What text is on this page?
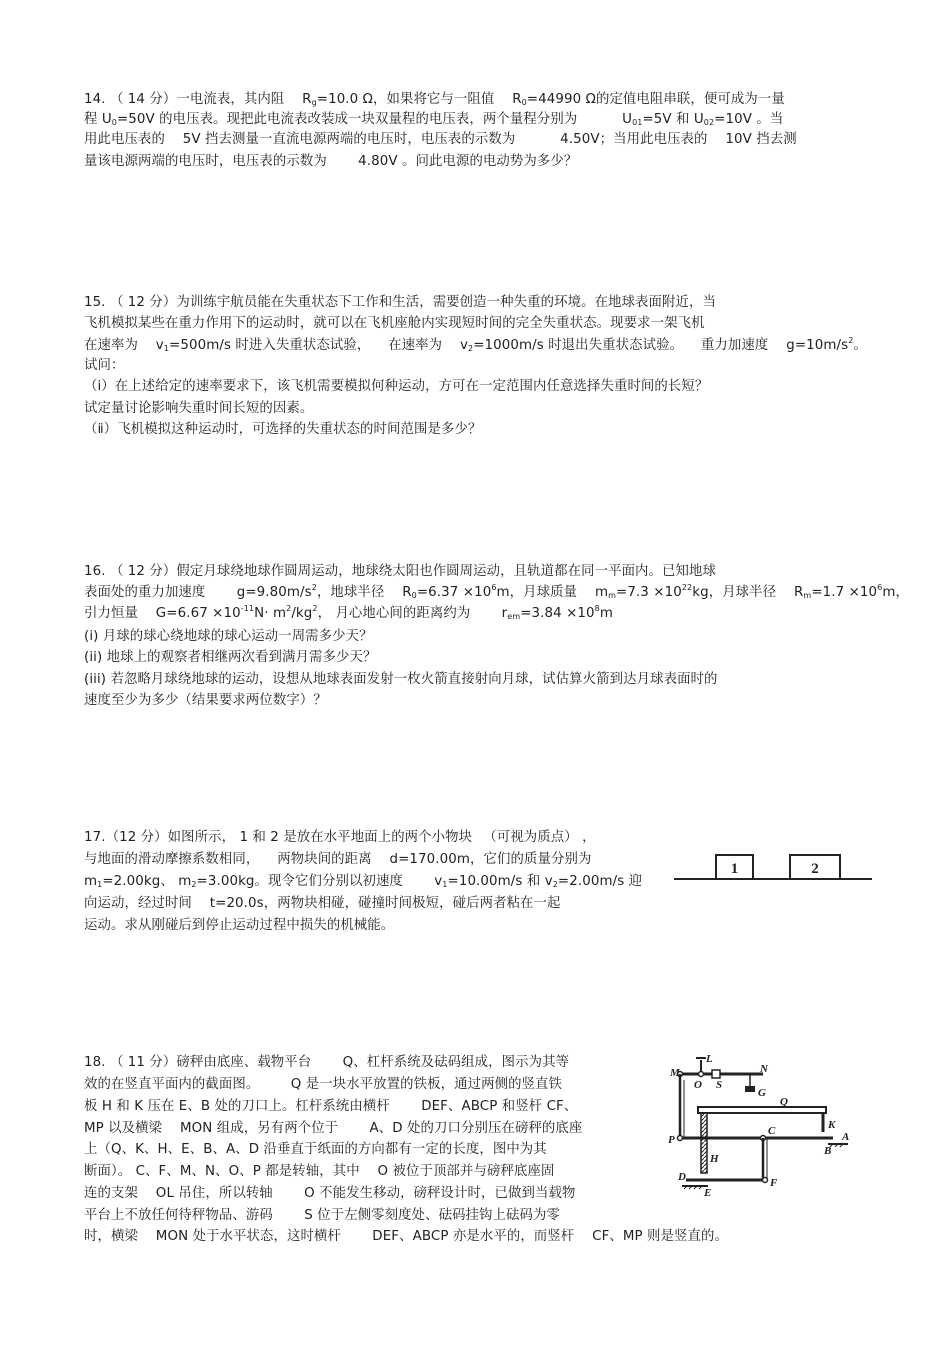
14. （ 14 分）一电流表，其内阻 　$R_g=10.0$ Ω，如果将它与一阻值 　$R_0=44990$ Ω的定值电阻串联，便可成为一量
程 $U_0=50V$ 的电压表。现把此电流表改装成一块双量程的电压表，两个量程分别为 　　　$U_{01}=5V$ 和 $U_{02}=10V$ 。当
用此电压表的 　5V 挡去测量一直流电源两端的电压时，电压表的示数为 　　　4.50V；当用此电压表的 　10V 挡去测
量该电源两端的电压时，电压表的示数为 　　4.80V 。问此电源的电动势为多少？
15. （ 12 分）为训练宇航员能在失重状态下工作和生活，需要创造一种失重的环境。在地球表面附近，当
飞机模拟某些在重力作用下的运动时，就可以在飞机座舱内实现短时间的完全失重状态。现要求一架飞机
在速率为 　$v_1=500m/s$ 时进入失重状态试验， 　在速率为 　$v_2=1000m/s$ 时退出失重状态试验。 　重力加速度 　$g=10m/s^2$。
试问：
（ⅰ）在上述给定的速率要求下，该飞机需要模拟何种运动，方可在一定范围内任意选择失重时间的长短？
试定量讨论影响失重时间长短的因素。
（ⅱ）飞机模拟这种运动时，可选择的失重状态的时间范围是多少？
16. （ 12 分）假定月球绕地球作圆周运动，地球绕太阳也作圆周运动，且轨道都在同一平面内。已知地球
表面处的重力加速度 　　$g=9.80m/s^2$，地球半径 　$R_0=6.37 \times 10^6m$，月球质量 　$m_m=7.3 \times 10^{22}kg$，月球半径 　$R_m=1.7 \times 10^6m$，
引力恒量 　$G=6.67 \times 10^{-11}N\cdot m^2/kg^2$， 月心地心间的距离约为 　　$r_{em}=3.84 \times 10^8m$
(i) 月球的球心绕地球的球心运动一周需多少天？
(ii) 地球上的观察者相继两次看到满月需多少天？
(iii) 若忽略月球绕地球的运动，设想从地球表面发射一枚火箭直接射向月球，试估算火箭到达月球表面时的
速度至少为多少（结果要求两位数字）？
17.（12 分）如图所示， 1 和 2 是放在水平地面上的两个小物块 　（可视为质点） ，
与地面的滑动摩擦系数相同， 　两物块间的距离 　d=170.00m，它们的质量分别为
$m_1=2.00kg$、 $m_2=3.00kg$。现令它们分别以初速度 　　$v_1=10.00m/s$ 和 $v_2=2.00m/s$ 迎
向运动，经过时间 　t=20.0s，两物块相碰，碰撞时间极短，碰后两者粘在一起
运动。求从刚碰后到停止运动过程中损失的机械能。
1	2
18. （ 11 分）磅秤由底座、载物平台 　　Q、杠杆系统及砝码组成，图示为其等
效的在竖直平面内的截面图。 　　Q 是一块水平放置的铁板，通过两侧的竖直铁
板 H 和 K 压在 E、B 处的刀口上。杠杆系统由横杆 　　DEF、ABCP 和竖杆 CF、
MP 以及横梁 　MON 组成，另有两个位于 　　A、D 处的刀口分别压在磅秤的底座
上（Q、K、H、E、B、A、D 沿垂直于纸面的方向都有一定的长度，图中为其
断面）。 C、F、M、N、O、P 都是转轴，其中 　O 被位于顶部并与磅秤底座固
连的支架 　OL 吊住，所以转轴 　　O 不能发生移动，磅秤设计时，已做到当载物
平台上不放任何待秤物品、游码 　　S 位于左侧零刻度处、砝码挂钩上砝码为零
时，横梁 　MON 处于水平状态，这时横杆 　　DEF、ABCP 亦是水平的，而竖杆 　CF、MP 则是竖直的。
L
M
O S
N
G
Q
K
A
B
P
C
H
D
E
F
